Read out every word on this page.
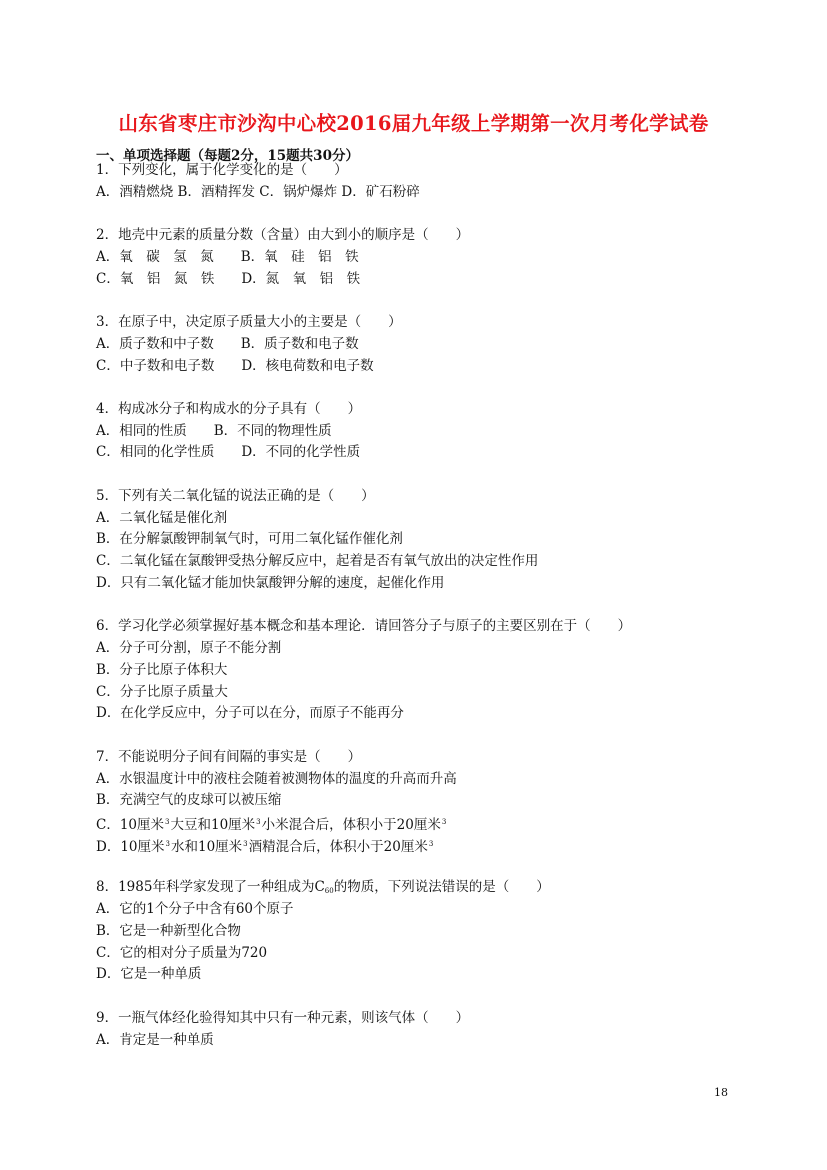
山东省枣庄市沙沟中心校2016届九年级上学期第一次月考化学试卷
一、单项选择题（每题2分，15题共30分）
1．下列变化，属于化学变化的是（　　）
A．酒精燃烧 B．酒精挥发 C．锅炉爆炸 D．矿石粉碎
2．地壳中元素的质量分数（含量）由大到小的顺序是（　　）
A．氧　碳　氢　氮　　B．氧　硅　铝　铁
C．氧　铝　氮　铁　　D．氮　氧　铝　铁
3．在原子中，决定原子质量大小的主要是（　　）
A．质子数和中子数　　B．质子数和电子数
C．中子数和电子数　　D．核电荷数和电子数
4．构成冰分子和构成水的分子具有（　　）
A．相同的性质　　B．不同的物理性质
C．相同的化学性质　　D．不同的化学性质
5．下列有关二氧化锰的说法正确的是（　　）
A．二氧化锰是催化剂
B．在分解氯酸钾制氧气时，可用二氧化锰作催化剂
C．二氧化锰在氯酸钾受热分解反应中，起着是否有氧气放出的决定性作用
D．只有二氧化锰才能加快氯酸钾分解的速度，起催化作用
6．学习化学必须掌握好基本概念和基本理论．请回答分子与原子的主要区别在于（　　）
A．分子可分割，原子不能分割
B．分子比原子体积大
C．分子比原子质量大
D．在化学反应中，分子可以在分，而原子不能再分
7．不能说明分子间有间隔的事实是（　　）
A．水银温度计中的液柱会随着被测物体的温度的升高而升高
B．充满空气的皮球可以被压缩
C．10厘米$^3$大豆和10厘米$^3$小米混合后，体积小于20厘米$^3$
D．10厘米$^3$水和10厘米$^3$酒精混合后，体积小于20厘米$^3$
8．1985年科学家发现了一种组成为$C_{60}$的物质，下列说法错误的是（　　）
A．它的1个分子中含有60个原子
B．它是一种新型化合物
C．它的相对分子质量为720
D．它是一种单质
9．一瓶气体经化验得知其中只有一种元素，则该气体（　　）
A．肯定是一种单质
18
